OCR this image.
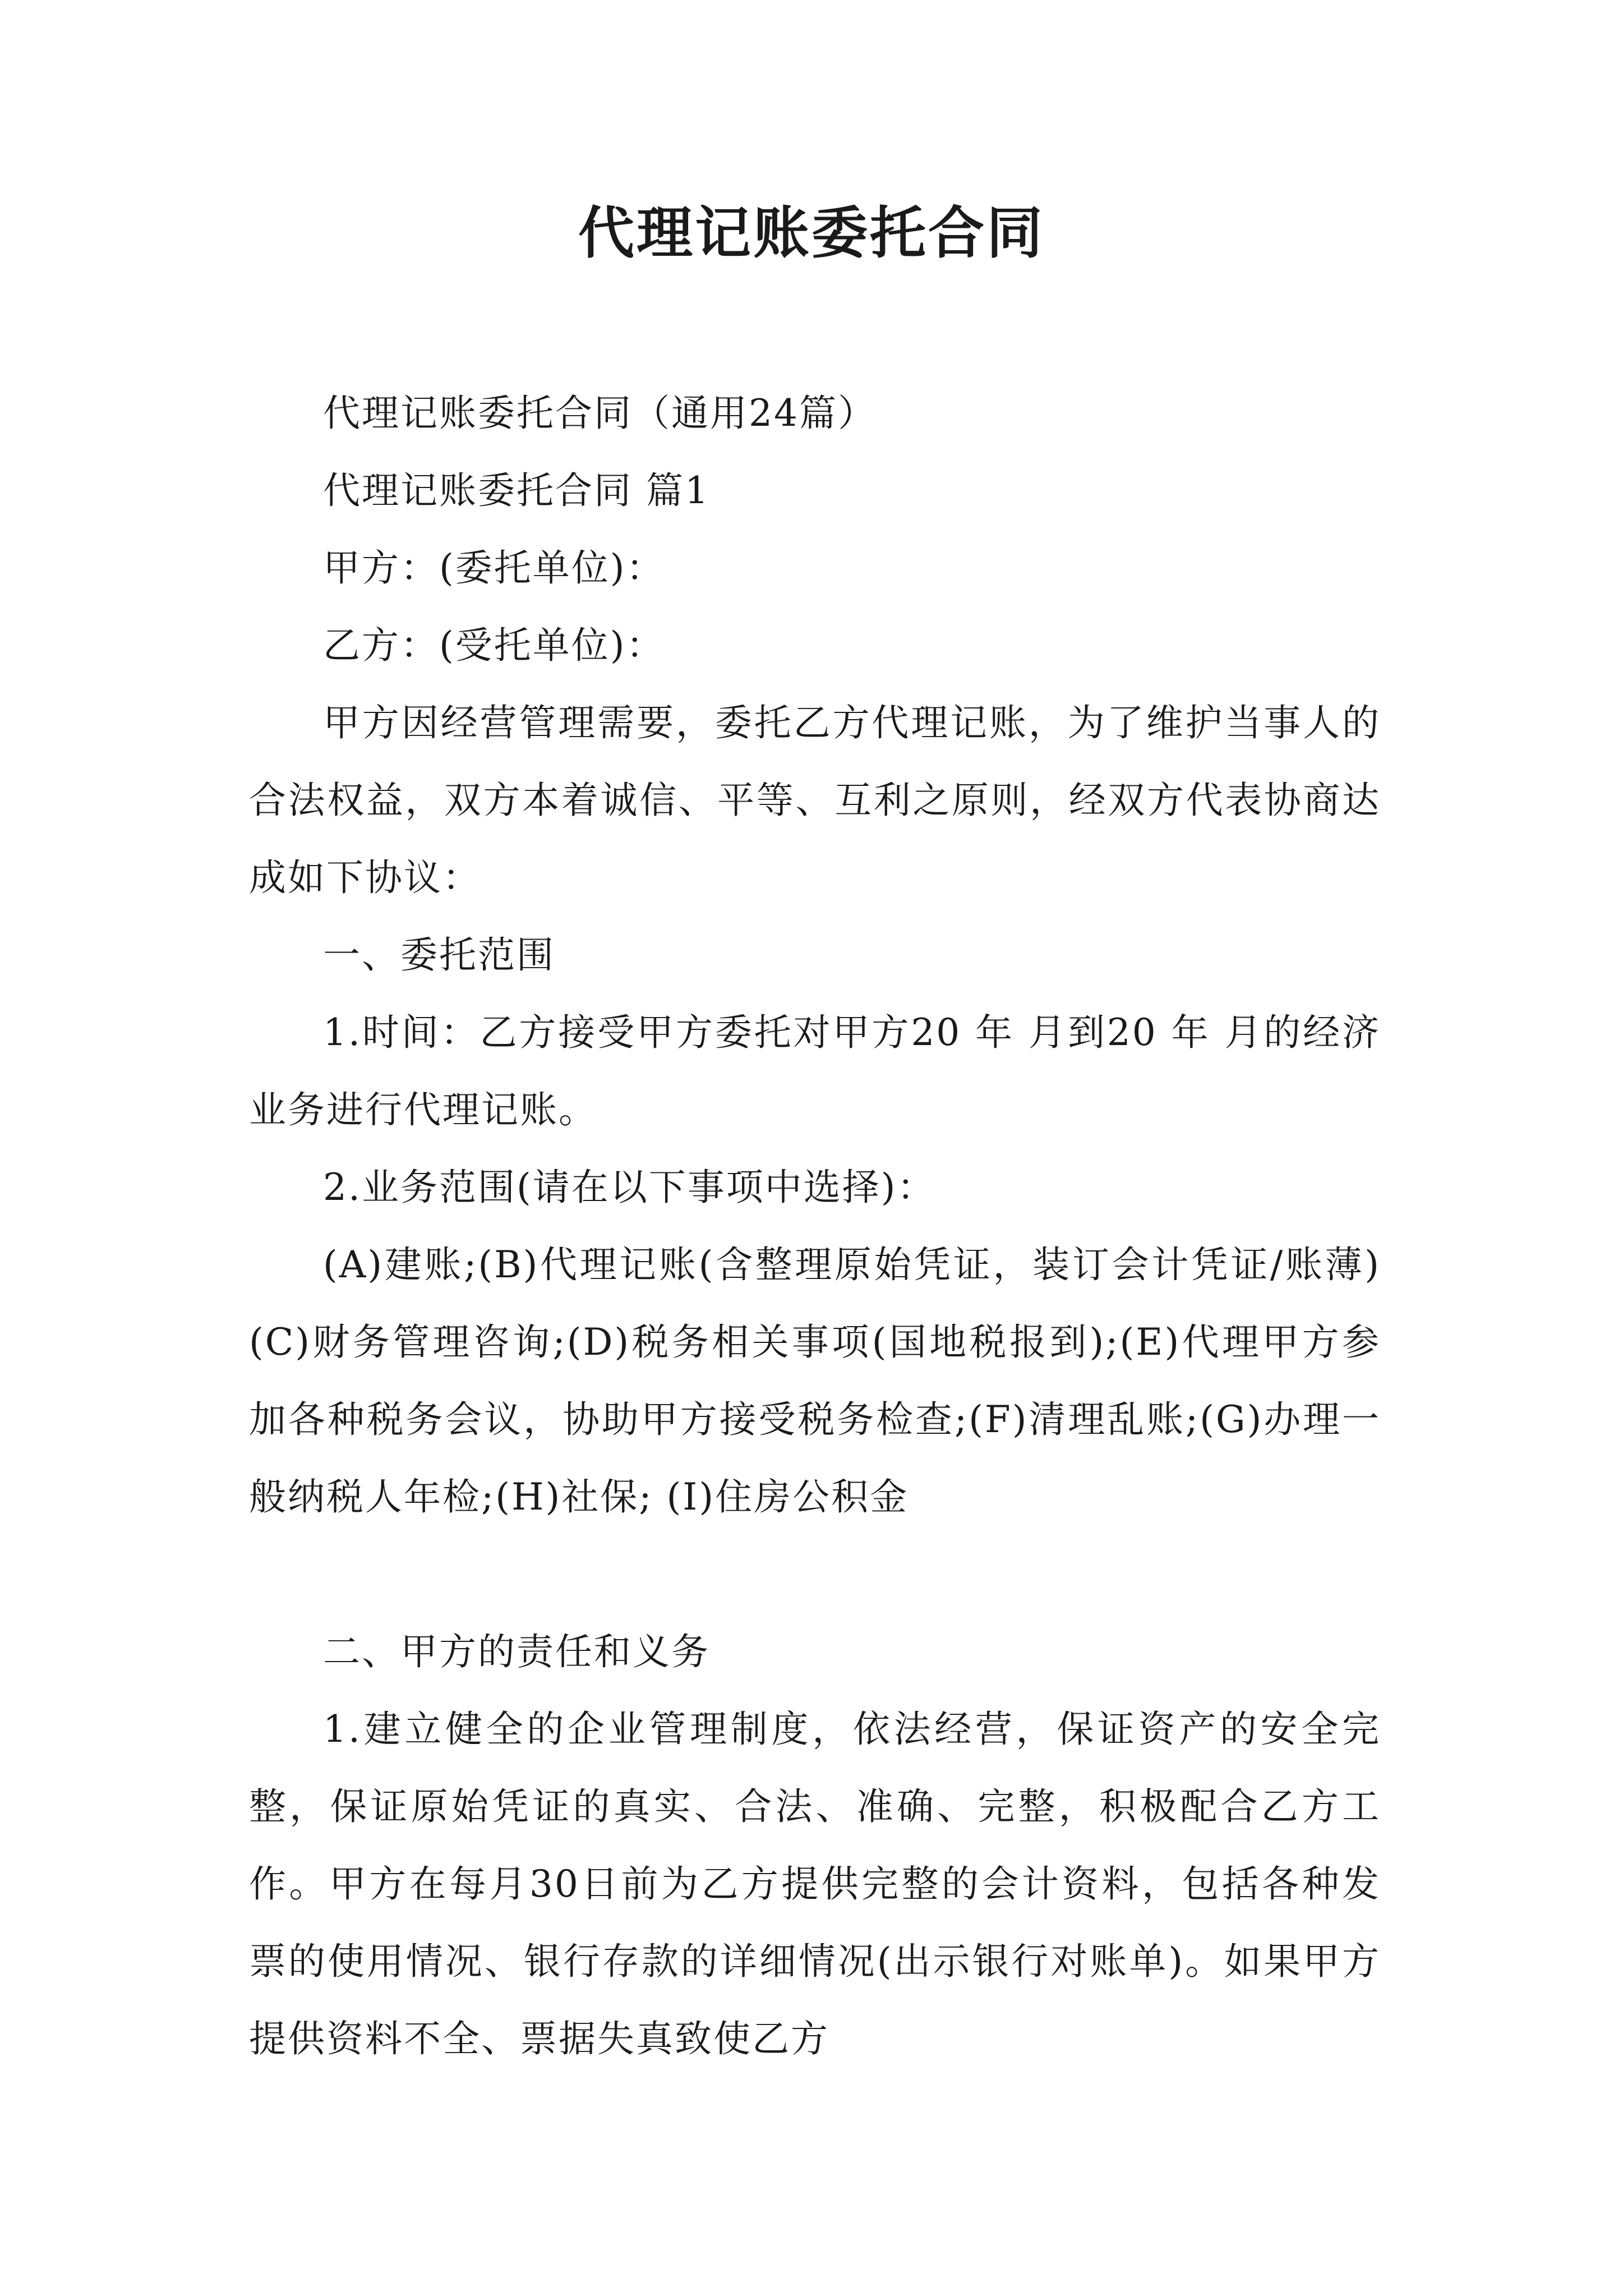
代理记账委托合同

代理记账委托合同（通用24篇）

代理记账委托合同 篇1

甲方：(委托单位)：

乙方：(受托单位)：

甲方因经营管理需要，委托乙方代理记账，为了维护当事人的合法权益，双方本着诚信、平等、互利之原则，经双方代表协商达成如下协议：

一、委托范围

1.时间：乙方接受甲方委托对甲方20 年 月到20 年 月的经济业务进行代理记账。

2.业务范围(请在以下事项中选择)：

(A)建账;(B)代理记账(含整理原始凭证，装订会计凭证/账薄)(C)财务管理咨询;(D)税务相关事项(国地税报到);(E)代理甲方参加各种税务会议，协助甲方接受税务检查;(F)清理乱账;(G)办理一般纳税人年检;(H)社保; (I)住房公积金

二、甲方的责任和义务

1.建立健全的企业管理制度，依法经营，保证资产的安全完整，保证原始凭证的真实、合法、准确、完整，积极配合乙方工作。甲方在每月30日前为乙方提供完整的会计资料，包括各种发票的使用情况、银行存款的详细情况(出示银行对账单)。如果甲方提供资料不全、票据失真致使乙方
